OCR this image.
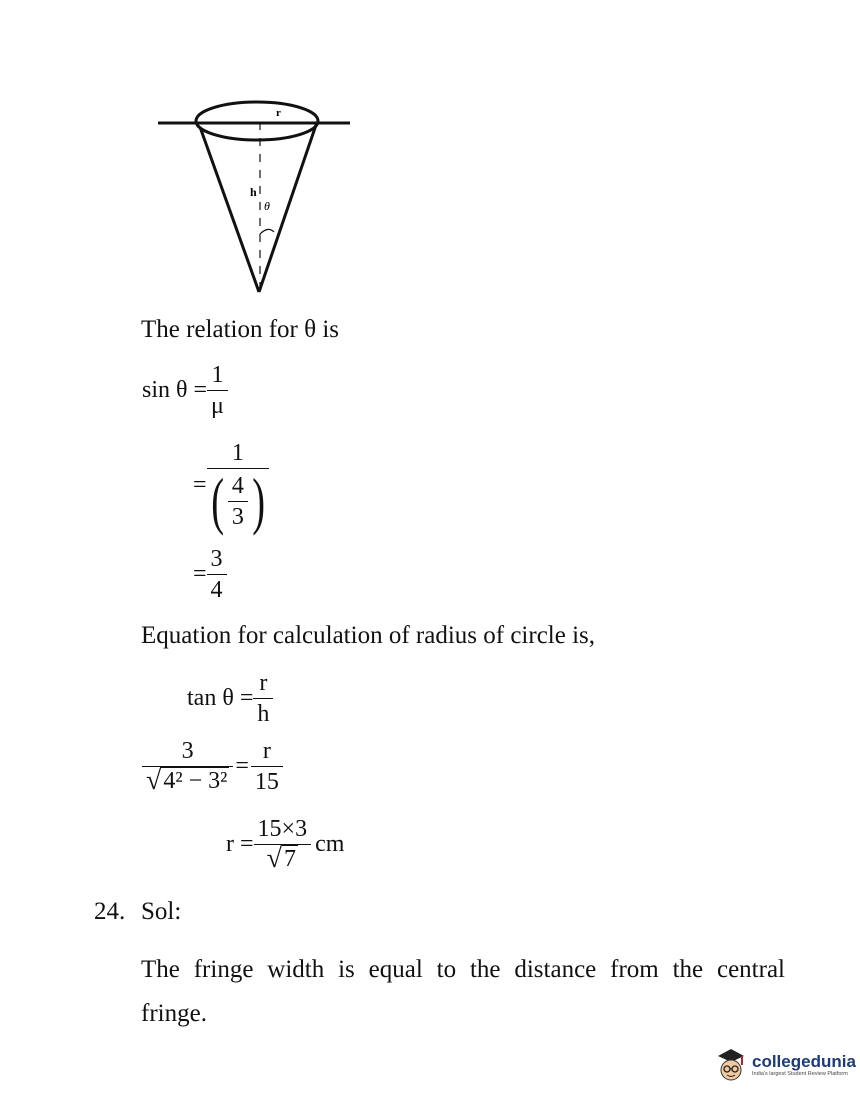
r
h
θ
The relation for θ is
$\sin \theta = \frac{1}{\mu}$
= $\frac{1}{( \frac{4}{3} )}$
= $\frac{3}{4}$
Equation for calculation of radius of circle is,
$\tan \theta = \frac{r}{h}$
$\frac{3}{\text{√ 4² − 3²}} = \frac{r}{15}$
$r = \frac{15\times 3}{√ 7}$ cm
24. Sol:
The fringe width is equal to the distance from the central
fringe.
collegedunia
India's largest Student Review Platform
